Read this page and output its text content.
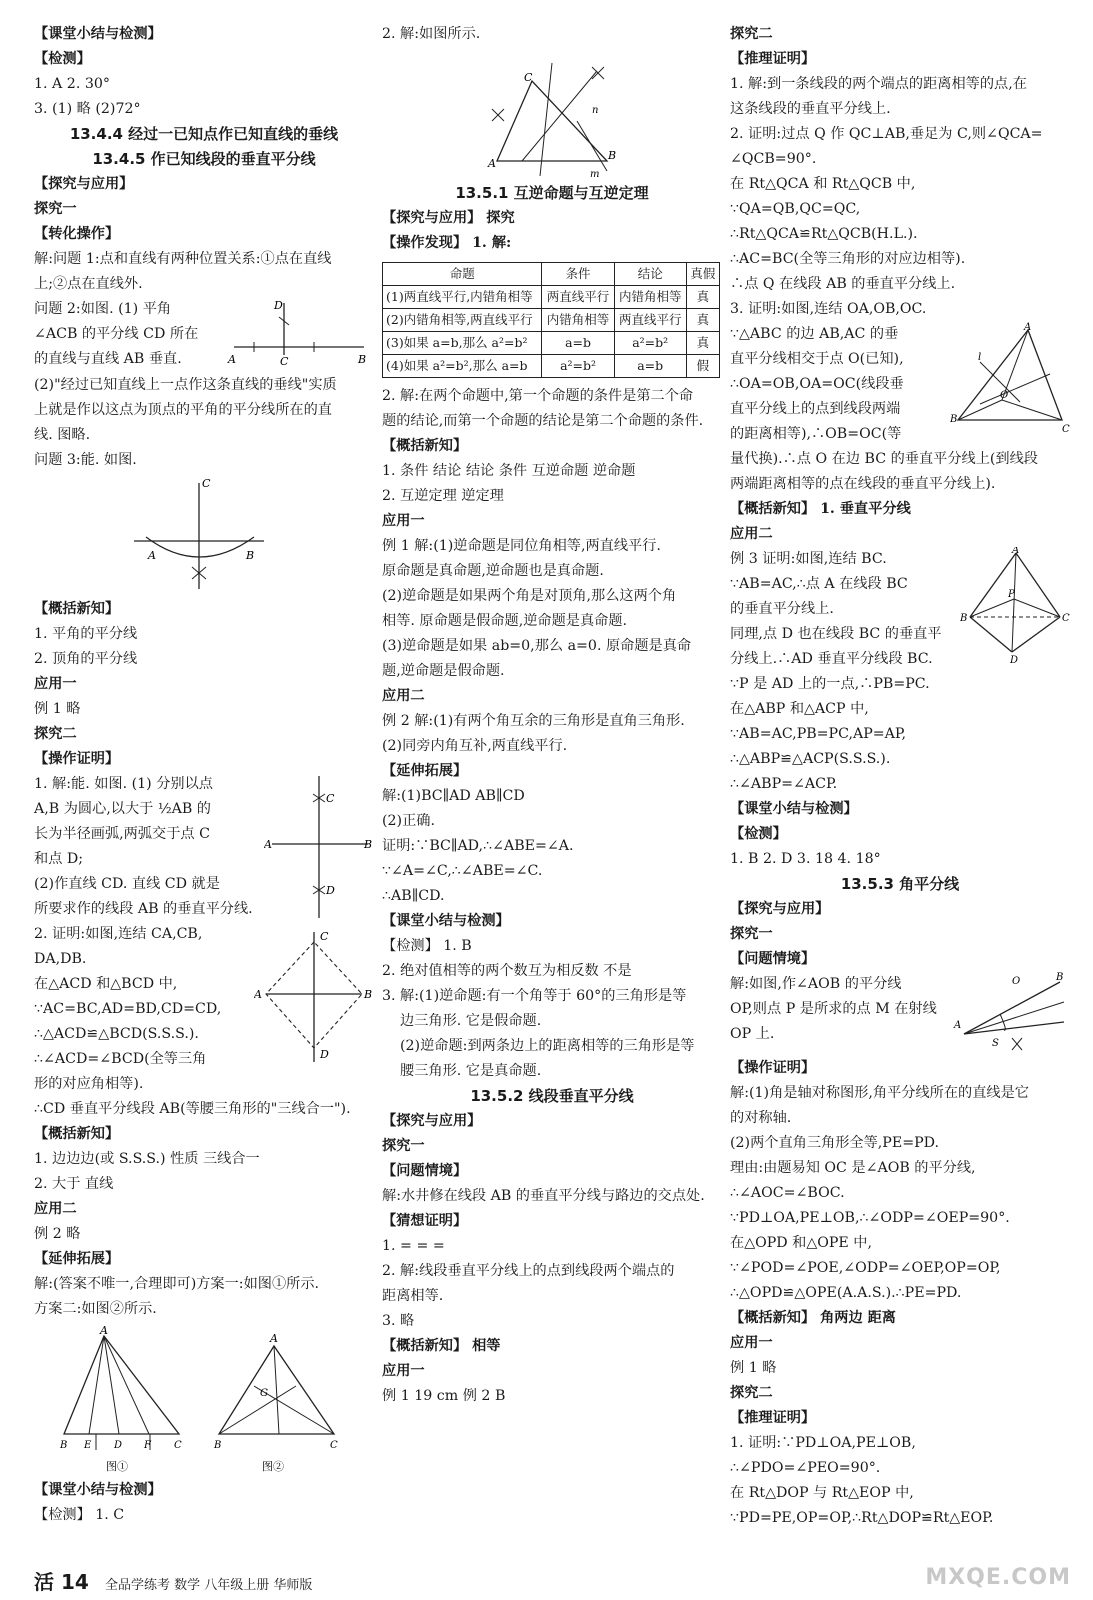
【课堂小结与检测】
【检测】
1. A 2. 30°
3. (1) 略 (2)72°
13.4.4 经过一已知点作已知直线的垂线
13.4.5 作已知线段的垂直平分线
【探究与应用】
探究一
【转化操作】
解:问题 1:点和直线有两种位置关系:①点在直线
上;②点在直线外.
D
A	C	B
问题 2:如图. (1) 平角
∠ACB 的平分线 CD 所在
的直线与直线 AB 垂直.
(2)"经过已知直线上一点作这条直线的垂线"实质
上就是作以这点为顶点的平角的平分线所在的直
线. 图略.
问题 3:能. 如图.
C
A	B
【概括新知】
1. 平角的平分线
2. 顶角的平分线
应用一
例 1 略
探究二
【操作证明】
C
A	B
D
1. 解:能. 如图. (1) 分别以点
A,B 为圆心,以大于 ½AB 的
长为半径画弧,两弧交于点 C
和点 D;
(2)作直线 CD. 直线 CD 就是
所要求作的线段 AB 的垂直平分线.
C
A	B
D
2. 证明:如图,连结 CA,CB,
DA,DB.
在△ACD 和△BCD 中,
∵AC=BC,AD=BD,CD=CD,
∴△ACD≌△BCD(S.S.S.).
∴∠ACD=∠BCD(全等三角
形的对应角相等).
∴CD 垂直平分线段 AB(等腰三角形的"三线合一").
【概括新知】
1. 边边边(或 S.S.S.) 性质 三线合一
2. 大于 直线
应用二
例 2 略
【延伸拓展】
解:(答案不唯一,合理即可)方案一:如图①所示.
方案二:如图②所示.
A
B E D F C
图①
A
G
B	C
图②
【课堂小结与检测】
【检测】 1. C
2. 解:如图所示.
C
n
A
B
m
13.5.1 互逆命题与互逆定理
【探究与应用】 探究
【操作发现】 1. 解:
命题	条件	结论	真假
(1)两直线平行,内错角相等	两直线平行	内错角相等	真
(2)内错角相等,两直线平行	内错角相等	两直线平行	真
(3)如果 a=b,那么 a²=b²	a=b	a²=b²	真
(4)如果 a²=b²,那么 a=b	a²=b²	a=b	假
2. 解:在两个命题中,第一个命题的条件是第二个命
题的结论,而第一个命题的结论是第二个命题的条件.
【概括新知】
1. 条件 结论 结论 条件 互逆命题 逆命题
2. 互逆定理 逆定理
应用一
例 1 解:(1)逆命题是同位角相等,两直线平行.
原命题是真命题,逆命题也是真命题.
(2)逆命题是如果两个角是对顶角,那么这两个角
相等. 原命题是假命题,逆命题是真命题.
(3)逆命题是如果 ab=0,那么 a=0. 原命题是真命
题,逆命题是假命题.
应用二
例 2 解:(1)有两个角互余的三角形是直角三角形.
(2)同旁内角互补,两直线平行.
【延伸拓展】
解:(1)BC∥AD AB∥CD
(2)正确.
证明:∵BC∥AD,∴∠ABE=∠A.
∵∠A=∠C,∴∠ABE=∠C.
∴AB∥CD.
【课堂小结与检测】
【检测】 1. B
2. 绝对值相等的两个数互为相反数 不是
3. 解:(1)逆命题:有一个角等于 60°的三角形是等
边三角形. 它是假命题.
(2)逆命题:到两条边上的距离相等的三角形是等
腰三角形. 它是真命题.
13.5.2 线段垂直平分线
【探究与应用】
探究一
【问题情境】
解:水井修在线段 AB 的垂直平分线与路边的交点处.
【猜想证明】
1. = = =
2. 解:线段垂直平分线上的点到线段两个端点的
距离相等.
3. 略
【概括新知】 相等
应用一
例 1 19 cm 例 2 B
探究二
【推理证明】
1. 解:到一条线段的两个端点的距离相等的点,在
这条线段的垂直平分线上.
2. 证明:过点 Q 作 QC⊥AB,垂足为 C,则∠QCA=
∠QCB=90°.
在 Rt△QCA 和 Rt△QCB 中,
∵QA=QB,QC=QC,
∴Rt△QCA≌Rt△QCB(H.L.).
∴AC=BC(全等三角形的对应边相等).
∴点 Q 在线段 AB 的垂直平分线上.
3. 证明:如图,连结 OA,OB,OC.
A
l
B
O
C
∵△ABC 的边 AB,AC 的垂
直平分线相交于点 O(已知),
∴OA=OB,OA=OC(线段垂
直平分线上的点到线段两端
的距离相等),∴OB=OC(等
量代换).∴点 O 在边 BC 的垂直平分线上(到线段
两端距离相等的点在线段的垂直平分线上).
【概括新知】 1. 垂直平分线
应用二
A
P
B	C
D
例 3 证明:如图,连结 BC.
∵AB=AC,∴点 A 在线段 BC
的垂直平分线上.
同理,点 D 也在线段 BC 的垂直平
分线上.∴AD 垂直平分线段 BC.
∵P 是 AD 上的一点,∴PB=PC.
在△ABP 和△ACP 中,
∵AB=AC,PB=PC,AP=AP,
∴△ABP≌△ACP(S.S.S.).
∴∠ABP=∠ACP.
【课堂小结与检测】
【检测】
1. B 2. D 3. 18 4. 18°
13.5.3 角平分线
【探究与应用】
探究一
【问题情境】
O	B
A
S
解:如图,作∠AOB 的平分线
OP,则点 P 是所求的点 M 在射线
OP 上.
【操作证明】
解:(1)角是轴对称图形,角平分线所在的直线是它
的对称轴.
(2)两个直角三角形全等,PE=PD.
理由:由题易知 OC 是∠AOB 的平分线,
∴∠AOC=∠BOC.
∵PD⊥OA,PE⊥OB,∴∠ODP=∠OEP=90°.
在△OPD 和△OPE 中,
∵∠POD=∠POE,∠ODP=∠OEP,OP=OP,
∴△OPD≌△OPE(A.A.S.).∴PE=PD.
【概括新知】 角两边 距离
应用一
例 1 略
探究二
【推理证明】
1. 证明:∵PD⊥OA,PE⊥OB,
∴∠PDO=∠PEO=90°.
在 Rt△DOP 与 Rt△EOP 中,
∵PD=PE,OP=OP,∴Rt△DOP≌Rt△EOP.
活 14 全品学练考 数学 八年级上册 华师版	MXQE.COM
